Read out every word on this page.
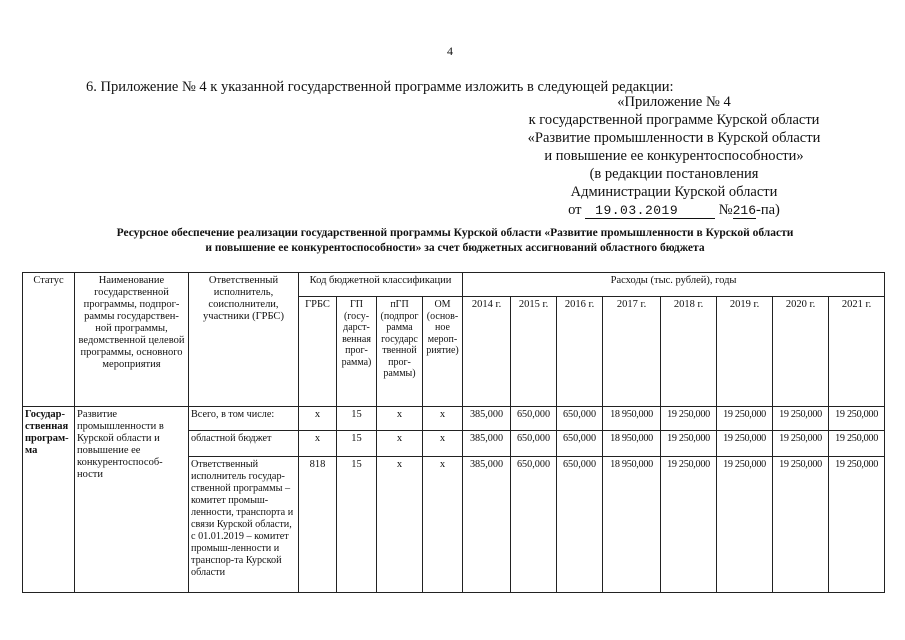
4
6. Приложение № 4 к указанной государственной программе изложить в следующей редакции:
«Приложение № 4
к государственной программе Курской области
«Развитие промышленности в Курской области
и повышение ее конкурентоспособности»
(в редакции постановления
Администрации Курской области
от 19.03.2019	№216-па)
Ресурсное обеспечение реализации государственной программы Курской области «Развитие промышленности в Курской области
и повышение ее конкурентоспособности» за счет бюджетных ассигнований областного бюджета
Статус	Наименование государственной программы, подпрог-раммы государствен-ной программы, ведомственной целевой программы, основного мероприятия	Ответственный исполнитель, соисполнители, участники (ГРБС)	Код бюджетной классификации				Расходы (тыс. рублей), годы							
			ГРБС	ГП (госу-дарст-венная прог-рамма)	пГП (подпрог рамма государс твенной прог-раммы)	ОМ (основ-ное мероп-риятие)	2014 г.	2015 г.	2016 г.	2017 г.	2018 г.	2019 г.	2020 г.	2021 г.
Государ-ственная програм-ма	Развитие промышленности в Курской области и повышение ее конкурентоспособ-ности	Всего, в том числе:	x	15	x	x	385,000	650,000	650,000	18 950,000	19 250,000	19 250,000	19 250,000	19 250,000
		областной бюджет	x	15	x	x	385,000	650,000	650,000	18 950,000	19 250,000	19 250,000	19 250,000	19 250,000
		Ответственный исполнитель государ-ственной программы – комитет промыш-ленности, транспорта и связи Курской области, с 01.01.2019 – комитет промыш-ленности и транспор-та Курской области	818	15	x	x	385,000	650,000	650,000	18 950,000	19 250,000	19 250,000	19 250,000	19 250,000
